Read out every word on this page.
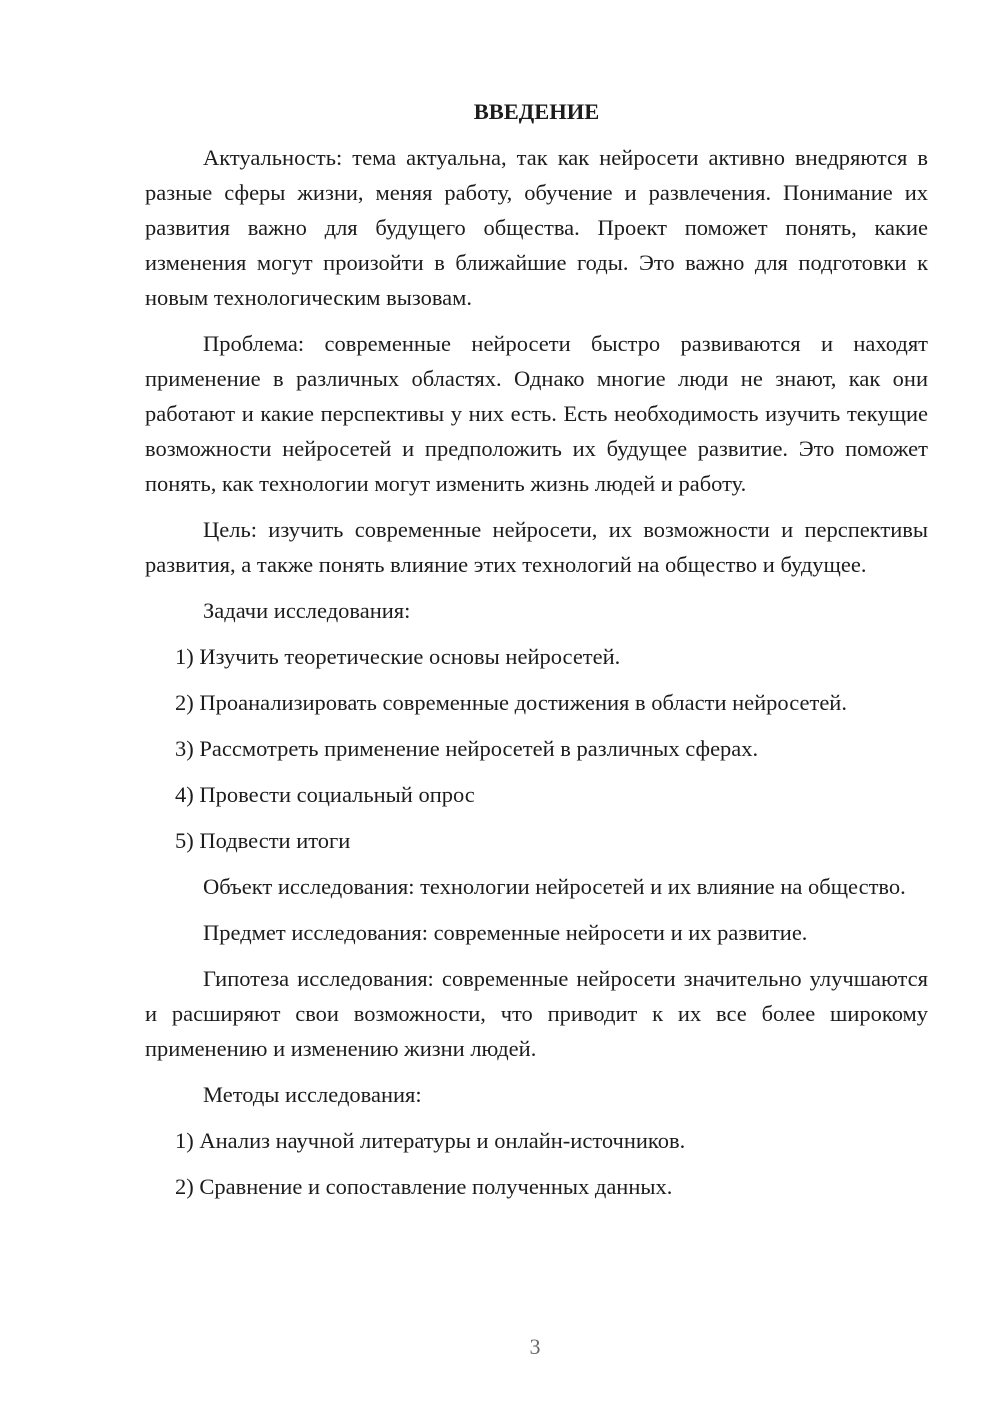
ВВЕДЕНИЕ

Актуальность: тема актуальна, так как нейросети активно внедряются в разные сферы жизни, меняя работу, обучение и развлечения. Понимание их развития важно для будущего общества. Проект поможет понять, какие изменения могут произойти в ближайшие годы. Это важно для подготовки к новым технологическим вызовам.

Проблема: современные нейросети быстро развиваются и находят применение в различных областях. Однако многие люди не знают, как они работают и какие перспективы у них есть. Есть необходимость изучить текущие возможности нейросетей и предположить их будущее развитие. Это поможет понять, как технологии могут изменить жизнь людей и работу.

Цель: изучить современные нейросети, их возможности и перспективы развития, а также понять влияние этих технологий на общество и будущее.

Задачи исследования:

1) Изучить теоретические основы нейросетей.

2) Проанализировать современные достижения в области нейросетей.

3) Рассмотреть применение нейросетей в различных сферах.

4) Провести социальный опрос

5) Подвести итоги

Объект исследования: технологии нейросетей и их влияние на общество.

Предмет исследования: современные нейросети и их развитие.

Гипотеза исследования: современные нейросети значительно улучшаются и расширяют свои возможности, что приводит к их все более широкому применению и изменению жизни людей.

Методы исследования:

1) Анализ научной литературы и онлайн-источников.

2) Сравнение и сопоставление полученных данных.

3
